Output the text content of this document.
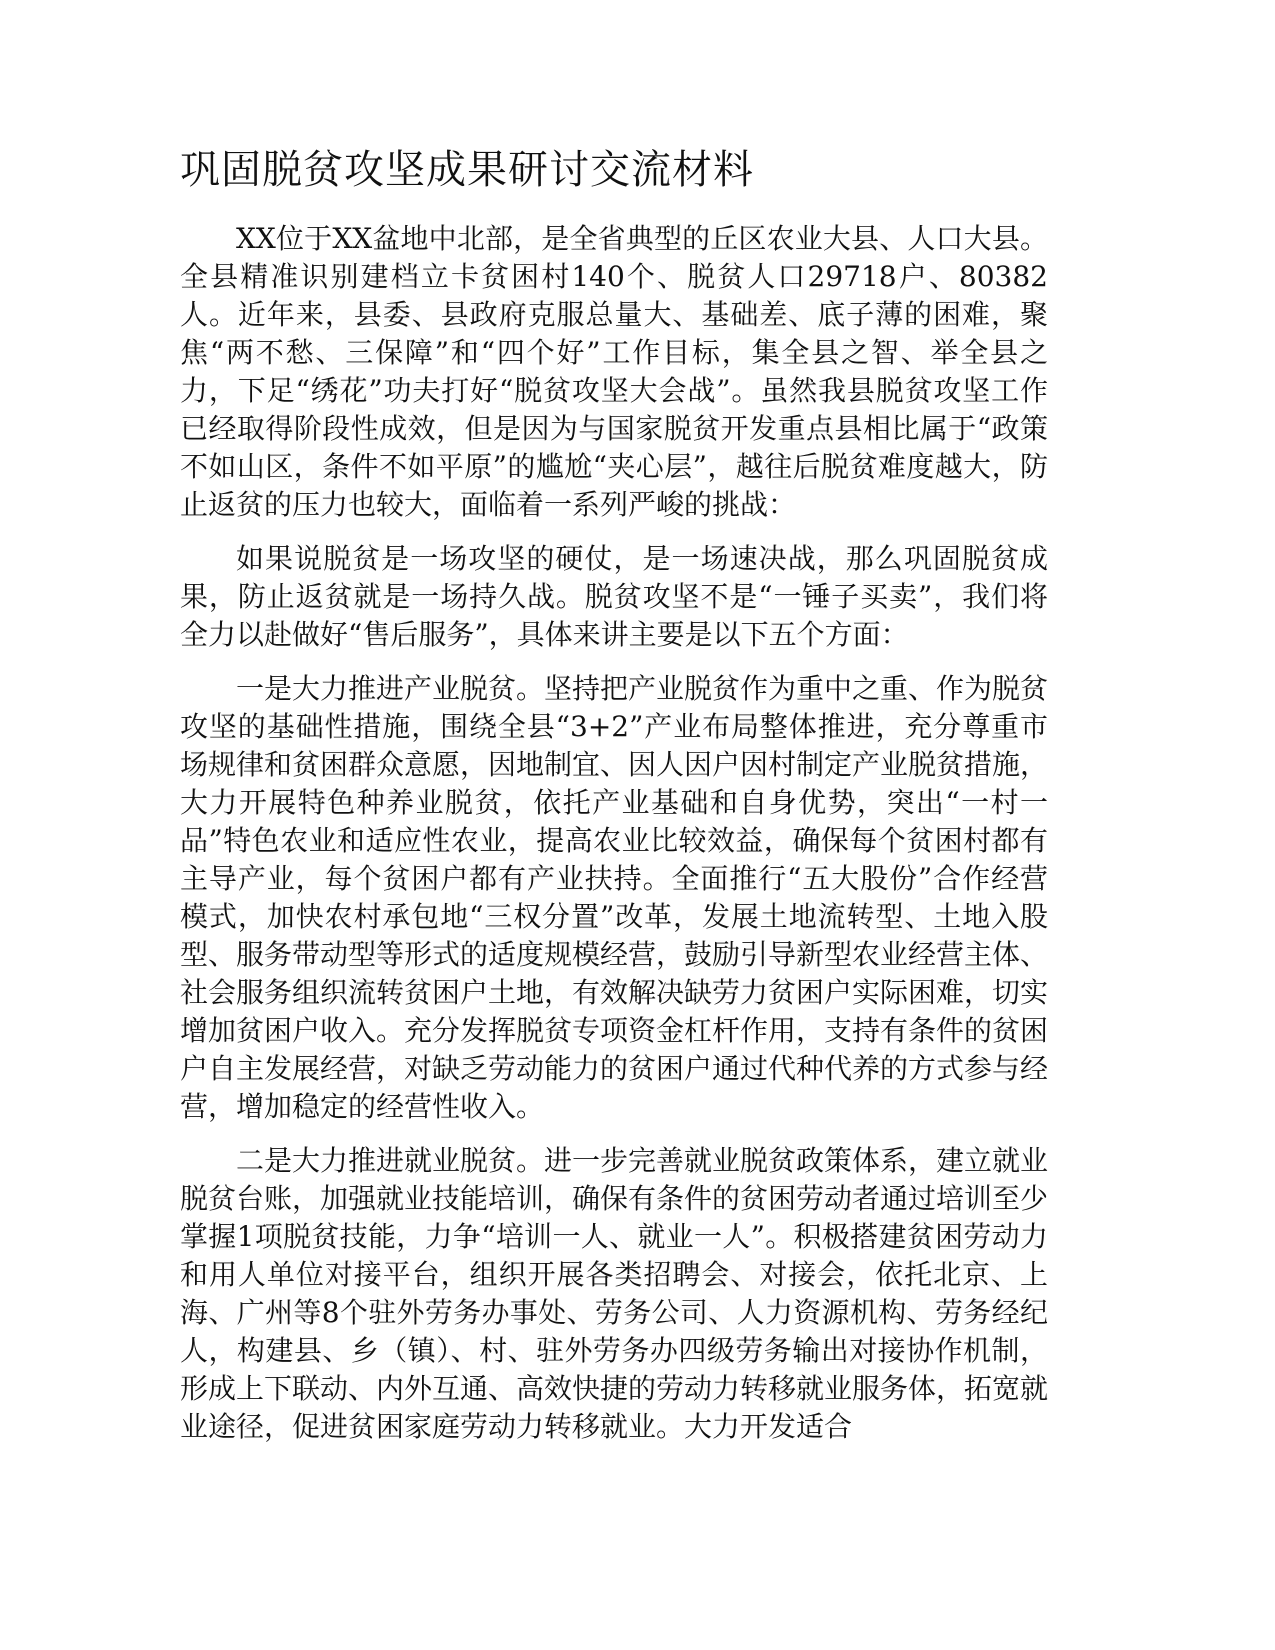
巩固脱贫攻坚成果研讨交流材料

XX位于XX盆地中北部，是全省典型的丘区农业大县、人口大县。全县精准识别建档立卡贫困村140个、脱贫人口29718户、80382人。近年来，县委、县政府克服总量大、基础差、底子薄的困难，聚焦“两不愁、三保障”和“四个好”工作目标，集全县之智、举全县之力，下足“绣花”功夫打好“脱贫攻坚大会战”。虽然我县脱贫攻坚工作已经取得阶段性成效，但是因为与国家脱贫开发重点县相比属于“政策不如山区，条件不如平原”的尴尬“夹心层”，越往后脱贫难度越大，防止返贫的压力也较大，面临着一系列严峻的挑战：

如果说脱贫是一场攻坚的硬仗，是一场速决战，那么巩固脱贫成果，防止返贫就是一场持久战。脱贫攻坚不是“一锤子买卖”，我们将全力以赴做好“售后服务”，具体来讲主要是以下五个方面：

一是大力推进产业脱贫。坚持把产业脱贫作为重中之重、作为脱贫攻坚的基础性措施，围绕全县“3+2”产业布局整体推进，充分尊重市场规律和贫困群众意愿，因地制宜、因人因户因村制定产业脱贫措施，大力开展特色种养业脱贫，依托产业基础和自身优势，突出“一村一品”特色农业和适应性农业，提高农业比较效益，确保每个贫困村都有主导产业，每个贫困户都有产业扶持。全面推行“五大股份”合作经营模式，加快农村承包地“三权分置”改革，发展土地流转型、土地入股型、服务带动型等形式的适度规模经营，鼓励引导新型农业经营主体、社会服务组织流转贫困户土地，有效解决缺劳力贫困户实际困难，切实增加贫困户收入。充分发挥脱贫专项资金杠杆作用，支持有条件的贫困户自主发展经营，对缺乏劳动能力的贫困户通过代种代养的方式参与经营，增加稳定的经营性收入。

二是大力推进就业脱贫。进一步完善就业脱贫政策体系，建立就业脱贫台账，加强就业技能培训，确保有条件的贫困劳动者通过培训至少掌握1项脱贫技能，力争“培训一人、就业一人”。积极搭建贫困劳动力和用人单位对接平台，组织开展各类招聘会、对接会，依托北京、上海、广州等8个驻外劳务办事处、劳务公司、人力资源机构、劳务经纪人，构建县、乡（镇）、村、驻外劳务办四级劳务输出对接协作机制，形成上下联动、内外互通、高效快捷的劳动力转移就业服务体，拓宽就业途径，促进贫困家庭劳动力转移就业。大力开发适合
